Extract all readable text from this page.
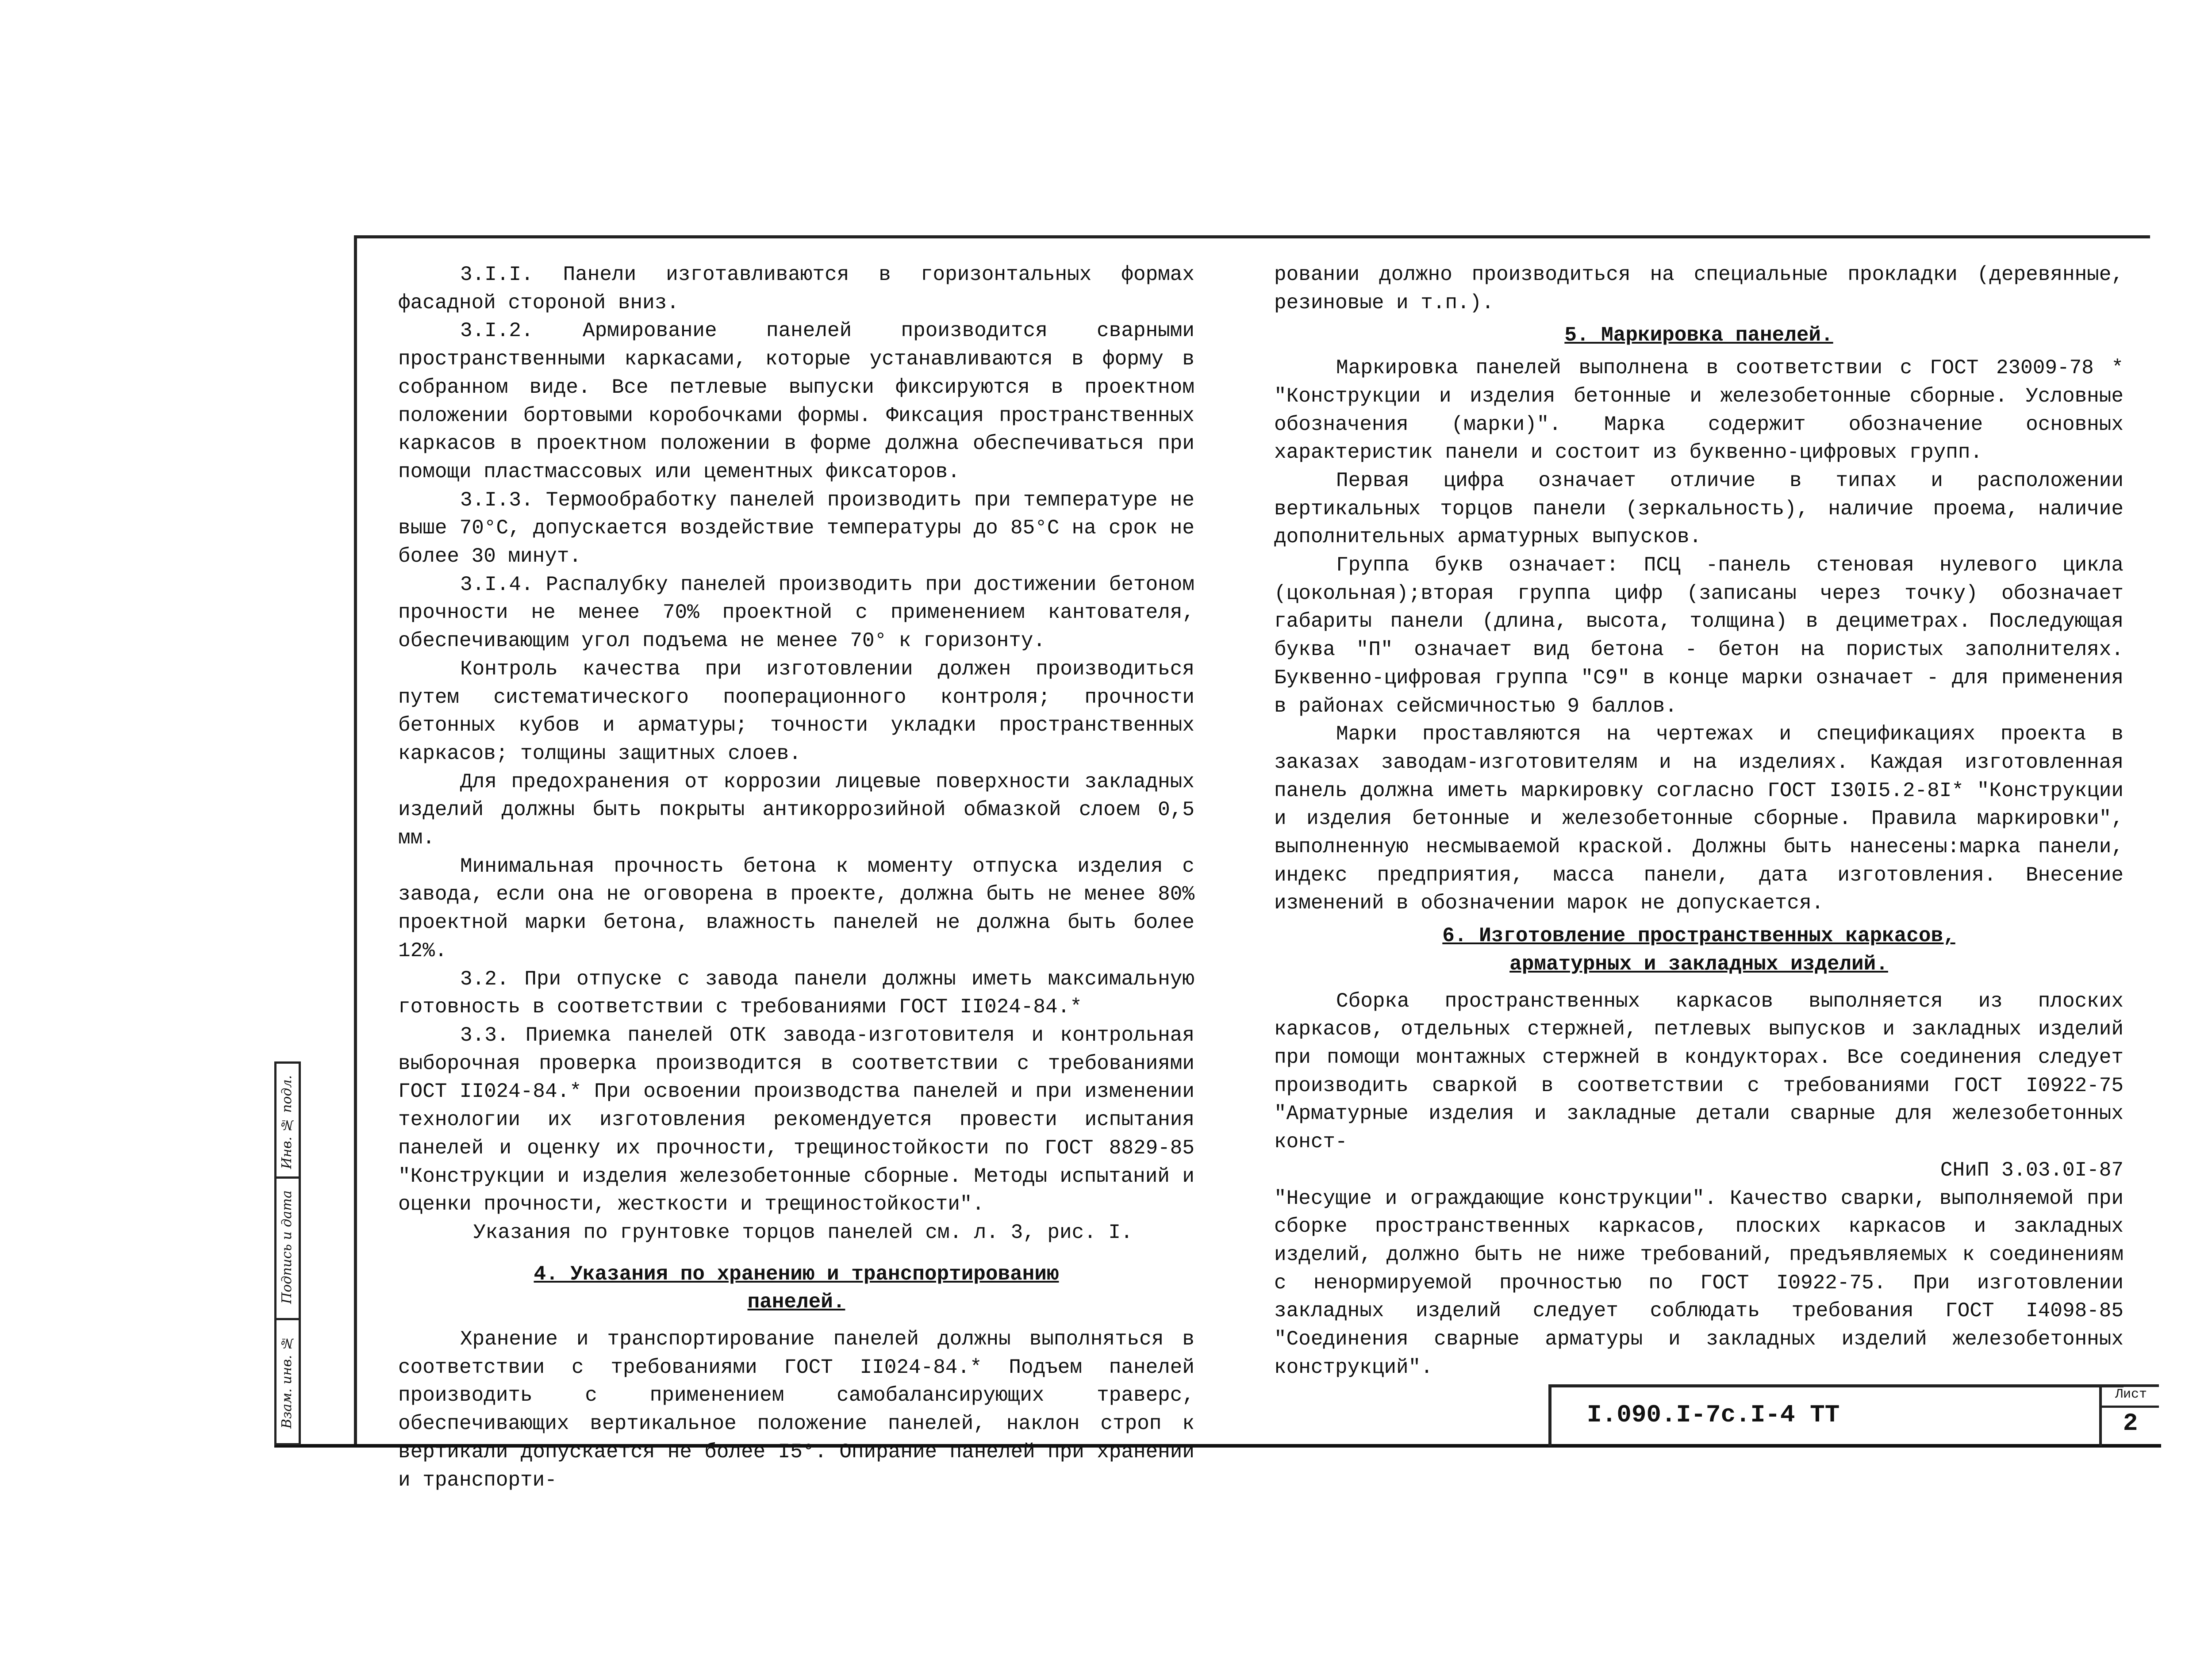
Инв. № подл.
Подпись и дата
Взам. инв. №

3.I.I. Панели изготавливаются в горизонтальных формах фасадной стороной вниз.

3.I.2. Армирование панелей производится сварными пространственными каркасами, которые устанавливаются в форму в собранном виде. Все петлевые выпуски фиксируются в проектном положении бортовыми коробочками формы. Фиксация пространственных каркасов в проектном положении в форме должна обеспечиваться при помощи пластмассовых или цементных фиксаторов.

3.I.3. Термообработку панелей производить при температуре не выше 70°С, допускается воздействие температуры до 85°С на срок не более 30 минут.

3.I.4. Распалубку панелей производить при достижении бетоном прочности не менее 70% проектной с применением кантователя, обеспечивающим угол подъема не менее 70° к горизонту.

Контроль качества при изготовлении должен производиться путем систематического пооперационного контроля; прочности бетонных кубов и арматуры; точности укладки пространственных каркасов; толщины защитных слоев.

Для предохранения от коррозии лицевые поверхности закладных изделий должны быть покрыты антикоррозийной обмазкой слоем 0,5 мм.

Минимальная прочность бетона к моменту отпуска изделия с завода, если она не оговорена в проекте, должна быть не менее 80% проектной марки бетона, влажность панелей не должна быть более 12%.

3.2. При отпуске с завода панели должны иметь максимальную готовность в соответствии с требованиями ГОСТ II024-84.*

3.3. Приемка панелей ОТК завода-изготовителя и контрольная выборочная проверка производится в соответствии с требованиями ГОСТ II024-84.* При освоении производства панелей и при изменении технологии их изготовления рекомендуется провести испытания панелей и оценку их прочности, трещиностойкости по ГОСТ 8829-85 "Конструкции и изделия железобетонные сборные. Методы испытаний и оценки прочности, жесткости и трещиностойкости".

Указания по грунтовке торцов панелей см. л. 3, рис. I.

4. Указания по хранению и транспортированию панелей.

Хранение и транспортирование панелей должны выполняться в соответствии с требованиями ГОСТ II024-84.* Подъем панелей производить с применением самобалансирующих траверс, обеспечивающих вертикальное положение панелей, наклон строп к вертикали допускается не более I5°. Опирание панелей при хранении и транспорти-

ровании должно производиться на специальные прокладки (деревянные, резиновые и т.п.).

5. Маркировка панелей.

Маркировка панелей выполнена в соответствии с ГОСТ 23009-78 * "Конструкции и изделия бетонные и железобетонные сборные. Условные обозначения (марки)". Марка содержит обозначение основных характеристик панели и состоит из буквенно-цифровых групп.

Первая цифра означает отличие в типах и расположении вертикальных торцов панели (зеркальность), наличие проема, наличие дополнительных арматурных выпусков.

Группа букв означает: ПСЦ -панель стеновая нулевого цикла (цокольная);вторая группа цифр (записаны через точку) обозначает габариты панели (длина, высота, толщина) в дециметрах. Последующая буква "П" означает вид бетона - бетон на пористых заполнителях. Буквенно-цифровая группа "С9" в конце марки означает - для применения в районах сейсмичностью 9 баллов.

Марки проставляются на чертежах и спецификациях проекта в заказах заводам-изготовителям и на изделиях. Каждая изготовленная панель должна иметь маркировку согласно ГОСТ I30I5.2-8I* "Конструкции и изделия бетонные и железобетонные сборные. Правила маркировки", выполненную несмываемой краской. Должны быть нанесены:марка панели, индекс предприятия, масса панели, дата изготовления. Внесение изменений в обозначении марок не допускается.

6. Изготовление пространственных каркасов, арматурных и закладных изделий.

Сборка пространственных каркасов выполняется из плоских каркасов, отдельных стержней, петлевых выпусков и закладных изделий при помощи монтажных стержней в кондукторах. Все соединения следует производить сваркой в соответствии с требованиями ГОСТ I0922-75 "Арматурные изделия и закладные детали сварные для железобетонных конст-

СНиП 3.03.0I-87

"Несущие и ограждающие конструкции". Качество сварки, выполняемой при сборке пространственных каркасов, плоских каркасов и закладных изделий, должно быть не ниже требований, предъявляемых к соединениям с ненормируемой прочностью по ГОСТ I0922-75. При изготовлении закладных изделий следует соблюдать требования ГОСТ I4098-85 "Соединения сварные арматуры и закладных изделий железобетонных конструкций".

I.090.I-7с.I-4 ТТ
Лист
2
